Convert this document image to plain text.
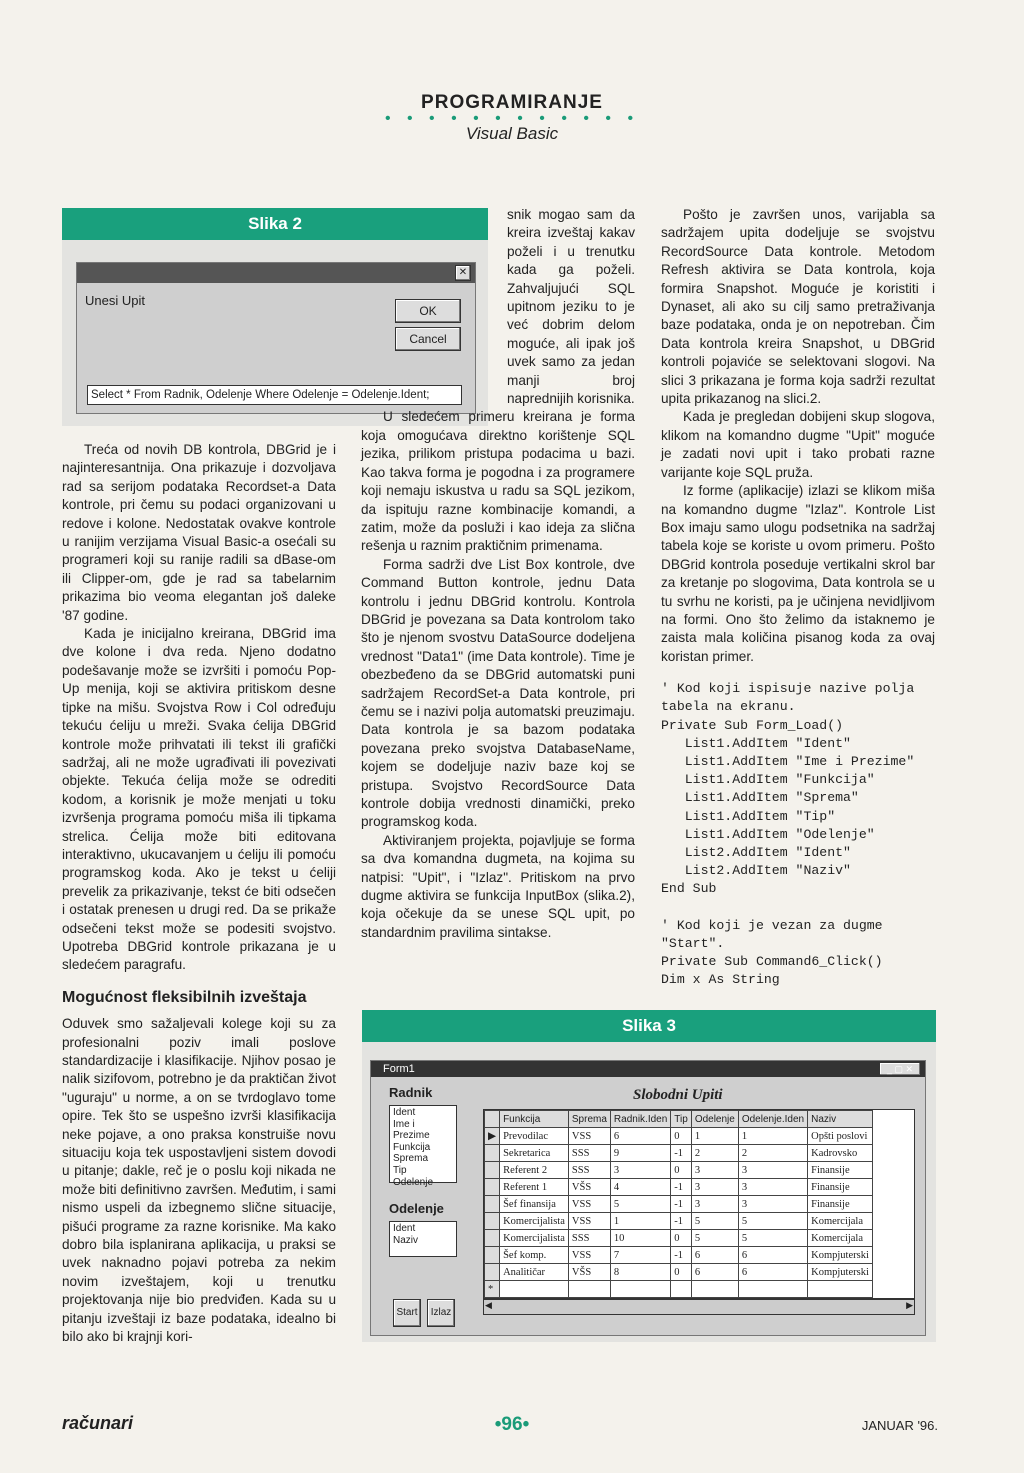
PROGRAMIRANJE
• • • • • • • • • • • •
Visual Basic
Slika 2
✕
Unesi Upit
OK
Cancel
Select * From Radnik, Odelenje Where Odelenje = Odelenje.Ident;

Treća od novih DB kontrola, DBGrid je i najinteresantnija. Ona prikazuje i dozvoljava rad sa serijom podataka Recordset-a Data kontrole, pri čemu su podaci organizovani u redove i kolone. Nedostatak ovakve kontrole u ranijim verzijama Visual Basic-a osećali su programeri koji su ranije radili sa dBase-om ili Clipper-om, gde je rad sa tabelarnim prikazima bio veoma elegantan još daleke '87 godine.

Kada je inicijalno kreirana, DBGrid ima dve kolone i dva reda. Njeno dodatno podešavanje može se izvršiti i pomoću Pop-Up menija, koji se aktivira pritiskom desne tipke na mišu. Svojstva Row i Col određuju tekuću ćeliju u mreži. Svaka ćelija DBGrid kontrole može prihvatati ili tekst ili grafički sadržaj, ali ne može ugrađivati ili povezivati objekte. Tekuća ćelija može se odrediti kodom, a korisnik je može menjati u toku izvršenja programa pomoću miša ili tipkama strelica. Ćelija može biti editovana interaktivno, ukucavanjem u ćeliju ili pomoću programskog koda. Ako je tekst u ćeliji prevelik za prikazivanje, tekst će biti odsečen i ostatak prenesen u drugi red. Da se prikaže odsečeni tekst može se podesiti svojstvo. Upotreba DBGrid kontrole prikazana je u sledećem paragrafu.

Mogućnost fleksibilnih izveštaja

Oduvek smo sažaljevali kolege koji su za profesionalni poziv imali poslove standardizacije i klasifikacije. Njihov posao je nalik sizifovom, potrebno je da praktičan život "uguraju" u norme, a on se tvrdoglavo tome opire. Tek što se uspešno izvrši klasifikacija neke pojave, a ono praksa konstruiše novu situaciju koja tek uspostavljeni sistem dovodi u pitanje; dakle, reč je o poslu koji nikada ne može biti definitivno završen. Međutim, i sami nismo uspeli da izbegnemo slične situacije, pišući programe za razne korisnike. Ma kako dobro bila isplanirana aplikacija, u praksi se uvek naknadno pojavi potreba za nekim novim izveštajem, koji u trenutku projektovanja nije bio predviđen. Kada su u pitanju izveštaji iz baze podataka, idealno bi bilo ako bi krajnji kori-

snik mogao sam da kreira izveštaj kakav poželi i u trenutku kada ga poželi. Zahvaljujući SQL upitnom jeziku to je već dobrim delom moguće, ali ipak još uvek samo za jedan manji broj naprednijih korisnika.

U sledećem primeru kreirana je forma koja omogućava direktno korištenje SQL jezika, prilikom pristupa podacima u bazi. Kao takva forma je pogodna i za programere koji nemaju iskustva u radu sa SQL jezikom, da ispituju razne kombinacije komandi, a zatim, može da posluži i kao ideja za slična rešenja u raznim praktičnim primenama.

Forma sadrži dve List Box kontrole, dve Command Button kontrole, jednu Data kontrolu i jednu DBGrid kontrolu. Kontrola DBGrid je povezana sa Data kontrolom tako što je njenom svostvu DataSource dodeljena vrednost "Data1" (ime Data kontrole). Time je obezbeđeno da se DBGrid automatski puni sadržajem RecordSet-a Data kontrole, pri čemu se i nazivi polja automatski preuzimaju. Data kontrola je sa bazom podataka povezana preko svojstva DatabaseName, kojem se dodeljuje naziv baze koj se pristupa. Svojstvo RecordSource Data kontrole dobija vrednosti dinamički, preko programskog koda.

Aktiviranjem projekta, pojavljuje se forma sa dva komandna dugmeta, na kojima su natpisi: "Upit", i "Izlaz". Pritiskom na prvo dugme aktivira se funkcija InputBox (slika.2), koja očekuje da se unese SQL upit, po standardnim pravilima sintakse.

Pošto je završen unos, varijabla sa sadržajem upita dodeljuje se svojstvu RecordSource Data kontrole. Metodom Refresh aktivira se Data kontrola, koja formira Snapshot. Moguće je koristiti i Dynaset, ali ako su cilj samo pretraživanja baze podataka, onda je on nepotreban. Čim Data kontrola kreira Snapshot, u DBGrid kontroli pojaviće se selektovani slogovi. Na slici 3 prikazana je forma koja sadrži rezultat upita prikazanog na slici.2.

Kada je pregledan dobijeni skup slogova, klikom na komandno dugme "Upit" moguće je zadati novi upit i tako probati razne varijante koje SQL pruža.

Iz forme (aplikacije) izlazi se klikom miša na komandno dugme "Izlaz". Kontrole List Box imaju samo ulogu podsetnika na sadržaj tabela koje se koriste u ovom primeru. Pošto DBGrid kontrola poseduje vertikalni skrol bar za kretanje po slogovima, Data kontrola se u tu svrhu ne koristi, pa je učinjena nevidljivom na formi. Ono što želimo da istaknemo je zaista mala količina pisanog koda za ovaj koristan primer.

' Kod koji ispisuje nazive polja
tabela na ekranu.
Private Sub Form_Load()
List1.AddItem "Ident"
List1.AddItem "Ime i Prezime"
List1.AddItem "Funkcija"
List1.AddItem "Sprema"
List1.AddItem "Tip"
List1.AddItem "Odelenje"
List2.AddItem "Ident"
List2.AddItem "Naziv"
End Sub
' Kod koji je vezan za dugme
"Start".
Private Sub Command6_Click()
Dim x As String
Slika 3
Form1	_ ▢ ✕
Radnik
Ident
Ime i Prezime
Funkcija
Sprema
Tip
Odelenje
Odelenje
Ident
Naziv
Start	Izlaz
Slobodni Upiti
	Funkcija	Sprema	Radnik.Iden	Tip	Odelenje	Odelenje.Iden	Naziv
▶	Prevodilac	VSS	6	0	1	1	Opšti poslovi
	Sekretarica	SSS	9	-1	2	2	Kadrovsko
	Referent 2	SSS	3	0	3	3	Finansije
	Referent 1	VŠS	4	-1	3	3	Finansije
	Šef finansija	VSS	5	-1	3	3	Finansije
	Komercijalista	VSS	1	-1	5	5	Komercijala
	Komercijalista	SSS	10	0	5	5	Komercijala
	Šef komp.	VSS	7	-1	6	6	Kompjuterski
	Analitičar	VŠS	8	0	6	6	Kompjuterski
*							
◀	▶
računari	•96•	JANUAR '96.
